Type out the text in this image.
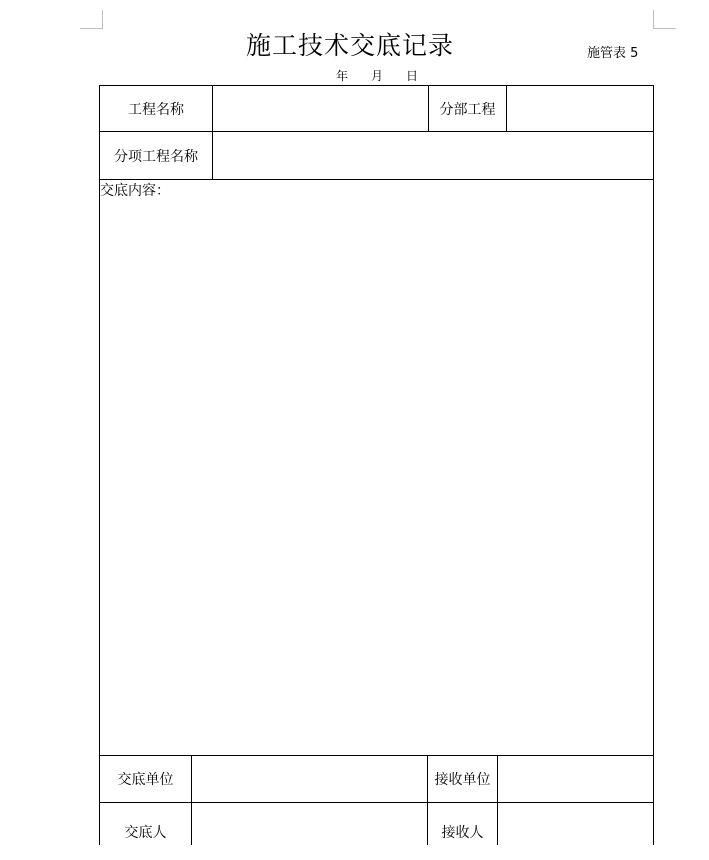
施工技术交底记录	施管表 5
年 月 日
工程名称	分部工程
分项工程名称
交底内容：
交底单位	接收单位
交底人	接收人
